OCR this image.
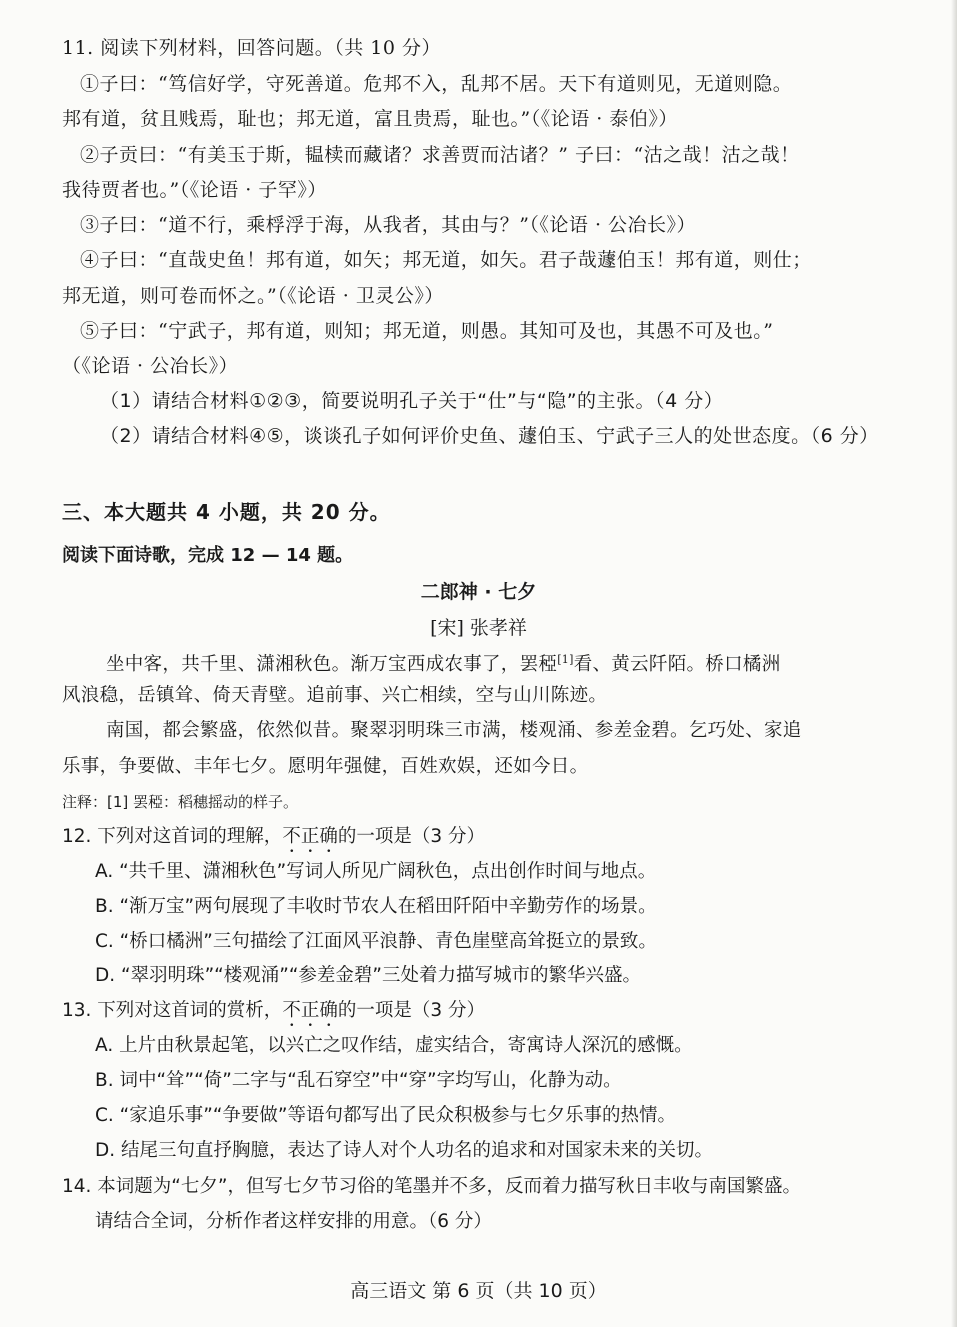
11. 阅读下列材料，回答问题。（共 10 分）
①子曰：“笃信好学，守死善道。危邦不入，乱邦不居。天下有道则见，无道则隐。
邦有道，贫且贱焉，耻也；邦无道，富且贵焉，耻也。”（《论语 · 泰伯》）
②子贡曰：“有美玉于斯，韫椟而藏诸？求善贾而沽诸？” 子曰：“沽之哉！沽之哉！
我待贾者也。”（《论语 · 子罕》）
③子曰：“道不行，乘桴浮于海，从我者，其由与？”（《论语 · 公冶长》）
④子曰：“直哉史鱼！邦有道，如矢；邦无道，如矢。君子哉蘧伯玉！邦有道，则仕；
邦无道，则可卷而怀之。”（《论语 · 卫灵公》）
⑤子曰：“宁武子，邦有道，则知；邦无道，则愚。其知可及也，其愚不可及也。”
（《论语 · 公冶长》）
（1）请结合材料①②③，简要说明孔子关于“仕”与“隐”的主张。（4 分）
（2）请结合材料④⑤，谈谈孔子如何评价史鱼、蘧伯玉、宁武子三人的处世态度。（6 分）
三、本大题共 4 小题，共 20 分。
阅读下面诗歌，完成 12 — 14 题。
二郎神 · 七夕
[宋] 张孝祥
坐中客，共千里、潇湘秋色。渐万宝西成农事了，罢稏[1]看、黄云阡陌。桥口橘洲
风浪稳，岳镇耸、倚天青壁。追前事、兴亡相续，空与山川陈迹。
南国，都会繁盛，依然似昔。聚翠羽明珠三市满，楼观涌、参差金碧。乞巧处、家追
乐事，争要做、丰年七夕。愿明年强健，百姓欢娱，还如今日。
注释：[1] 罢稏：稻穗摇动的样子。
12. 下列对这首词的理解，不正确的一项是（3 分）
A. “共千里、潇湘秋色”写词人所见广阔秋色，点出创作时间与地点。
B. “渐万宝”两句展现了丰收时节农人在稻田阡陌中辛勤劳作的场景。
C. “桥口橘洲”三句描绘了江面风平浪静、青色崖壁高耸挺立的景致。
D. “翠羽明珠”“楼观涌”“参差金碧”三处着力描写城市的繁华兴盛。
13. 下列对这首词的赏析，不正确的一项是（3 分）
A. 上片由秋景起笔，以兴亡之叹作结，虚实结合，寄寓诗人深沉的感慨。
B. 词中“耸”“倚”二字与“乱石穿空”中“穿”字均写山，化静为动。
C. “家追乐事”“争要做”等语句都写出了民众积极参与七夕乐事的热情。
D. 结尾三句直抒胸臆，表达了诗人对个人功名的追求和对国家未来的关切。
14. 本词题为“七夕”，但写七夕节习俗的笔墨并不多，反而着力描写秋日丰收与南国繁盛。
请结合全词，分析作者这样安排的用意。（6 分）
高三语文 第 6 页（共 10 页）
